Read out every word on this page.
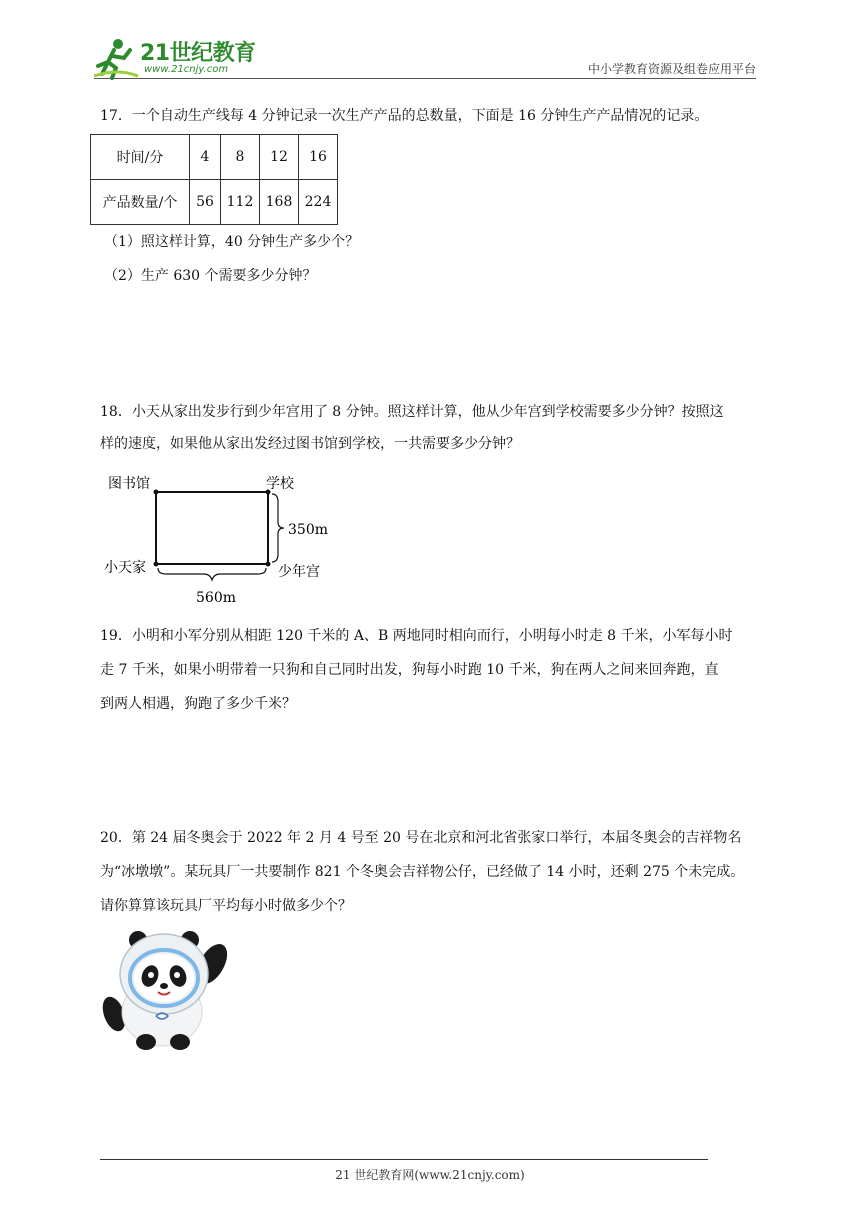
21世纪教育
www.21cnjy.com	中小学教育资源及组卷应用平台
17．一个自动生产线每 4 分钟记录一次生产产品的总数量，下面是 16 分钟生产产品情况的记录。
时间/分	4	8	12	16
产品数量/个	56	112	168	224
（1）照这样计算，40 分钟生产多少个？
（2）生产 630 个需要多少分钟？
18．小天从家出发步行到少年宫用了 8 分钟。照这样计算，他从少年宫到学校需要多少分钟？按照这
样的速度，如果他从家出发经过图书馆到学校，一共需要多少分钟？
图书馆	学校
小天家	少年宫
350m
560m
19．小明和小军分别从相距 120 千米的 A、B 两地同时相向而行，小明每小时走 8 千米，小军每小时
走 7 千米，如果小明带着一只狗和自己同时出发，狗每小时跑 10 千米，狗在两人之间来回奔跑，直
到两人相遇，狗跑了多少千米？
20．第 24 届冬奥会于 2022 年 2 月 4 号至 20 号在北京和河北省张家口举行，本届冬奥会的吉祥物名
为“冰墩墩”。某玩具厂一共要制作 821 个冬奥会吉祥物公仔，已经做了 14 小时，还剩 275 个未完成。
请你算算该玩具厂平均每小时做多少个？
21 世纪教育网(www.21cnjy.com)
